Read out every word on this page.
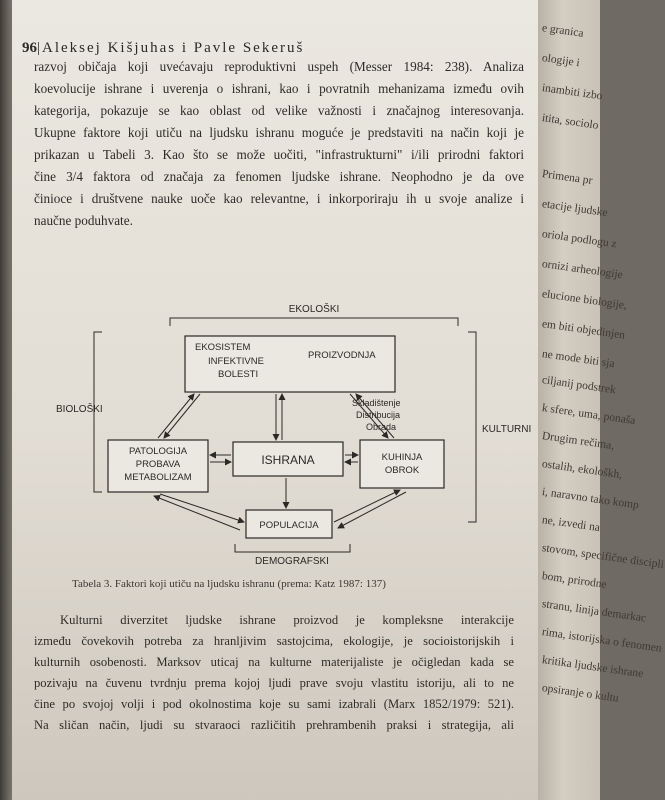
96|Aleksej Kišjuhas i Pavle Sekeruš
razvoj običaja koji uvećavaju reproduktivni uspeh (Messer 1984: 238). Analiza
koevolucije ishrane i uverenja o ishrani, kao i povratnih mehanizama između ovih
kategorija, pokazuje se kao oblast od velike važnosti i značajnog interesovanja.
Ukupne faktore koji utiču na ljudsku ishranu moguće je predstaviti na način koji je
prikazan u Tabeli 3. Kao što se može uočiti, "infrastrukturni" i/ili prirodni faktori
čine 3/4 faktora od značaja za fenomen ljudske ishrane. Neophodno je da ove
činioce i društvene nauke uoče kao relevantne, i inkorporiraju ih u svoje analize i
naučne poduhvate.
EKOLOŠKI
BIOLOŠKI
KULTURNI
DEMOGRAFSKI
EKOSISTEM
INFEKTIVNE
BOLESTI
PROIZVODNJA
PATOLOGIJA
PROBAVA
METABOLIZAM
ISHRANA	KUHINJA
OBROK
POPULACIJA
Skladištenje
Distribucija
Obrada
Tabela 3. Faktori koji utiču na ljudsku ishranu (prema: Katz 1987: 137)
Kulturni diverzitet ljudske ishrane proizvod je kompleksne interakcije
između čovekovih potreba za hranljivim sastojcima, ekologije, je socioistorijskih i
kulturnih osobenosti. Marksov uticaj na kulturne materijaliste je očigledan kada se
pozivaju na čuvenu tvrdnju prema kojoj ljudi prave svoju vlastitu istoriju, ali to ne
čine po svojoj volji i pod okolnostima koje su sami izabrali (Marx 1852/1979: 521).
Na sličan način, ljudi su stvaraoci različitih prehrambenih praksi i strategija, ali
e granica
ologije i
inambiti izbo
itita, sociolo
Primena pr
etacije ljudske
oriola podlogu z
ornizi arheologije
elucione biologije,
em biti objedinjen
ne mode biti sja
ciljanij podstrek
k sfere, uma, ponaša
Drugim rečima,
ostalih, ekološkh,
i, naravno tako komp
ne, izvedi na
stovom, specifične discipli
bom, prirodne
stranu, linija demarkac
rima, istorijska o fenomen
kritika ljudske ishrane
opsiranje o kultu
